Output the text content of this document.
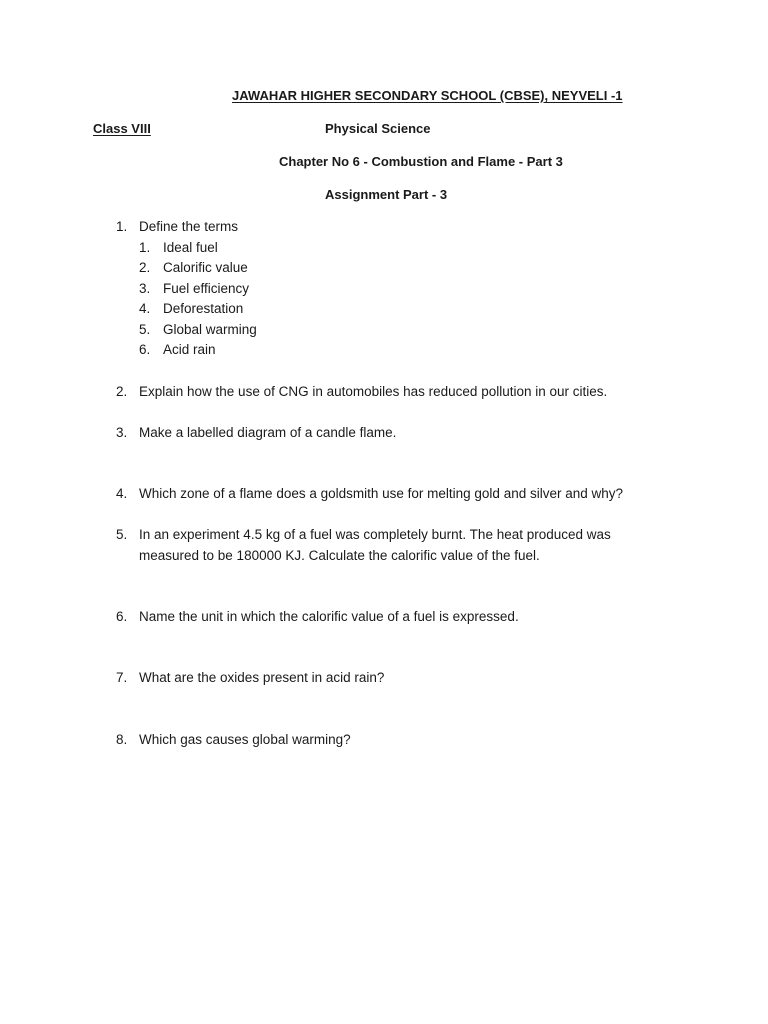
JAWAHAR HIGHER SECONDARY SCHOOL (CBSE), NEYVELI -1
Class VIII	Physical Science
Chapter No 6 - Combustion and Flame - Part 3
Assignment Part - 3
1. Define the terms
1. Ideal fuel
2. Calorific value
3. Fuel efficiency
4. Deforestation
5. Global warming
6. Acid rain
2. Explain how the use of CNG in automobiles has reduced pollution in our cities.
3. Make a labelled diagram of a candle flame.
4. Which zone of a flame does a goldsmith use for melting gold and silver and why?
5. In an experiment 4.5 kg of a fuel was completely burnt. The heat produced was
measured to be 180000 KJ. Calculate the calorific value of the fuel.
6. Name the unit in which the calorific value of a fuel is expressed.
7. What are the oxides present in acid rain?
8. Which gas causes global warming?
